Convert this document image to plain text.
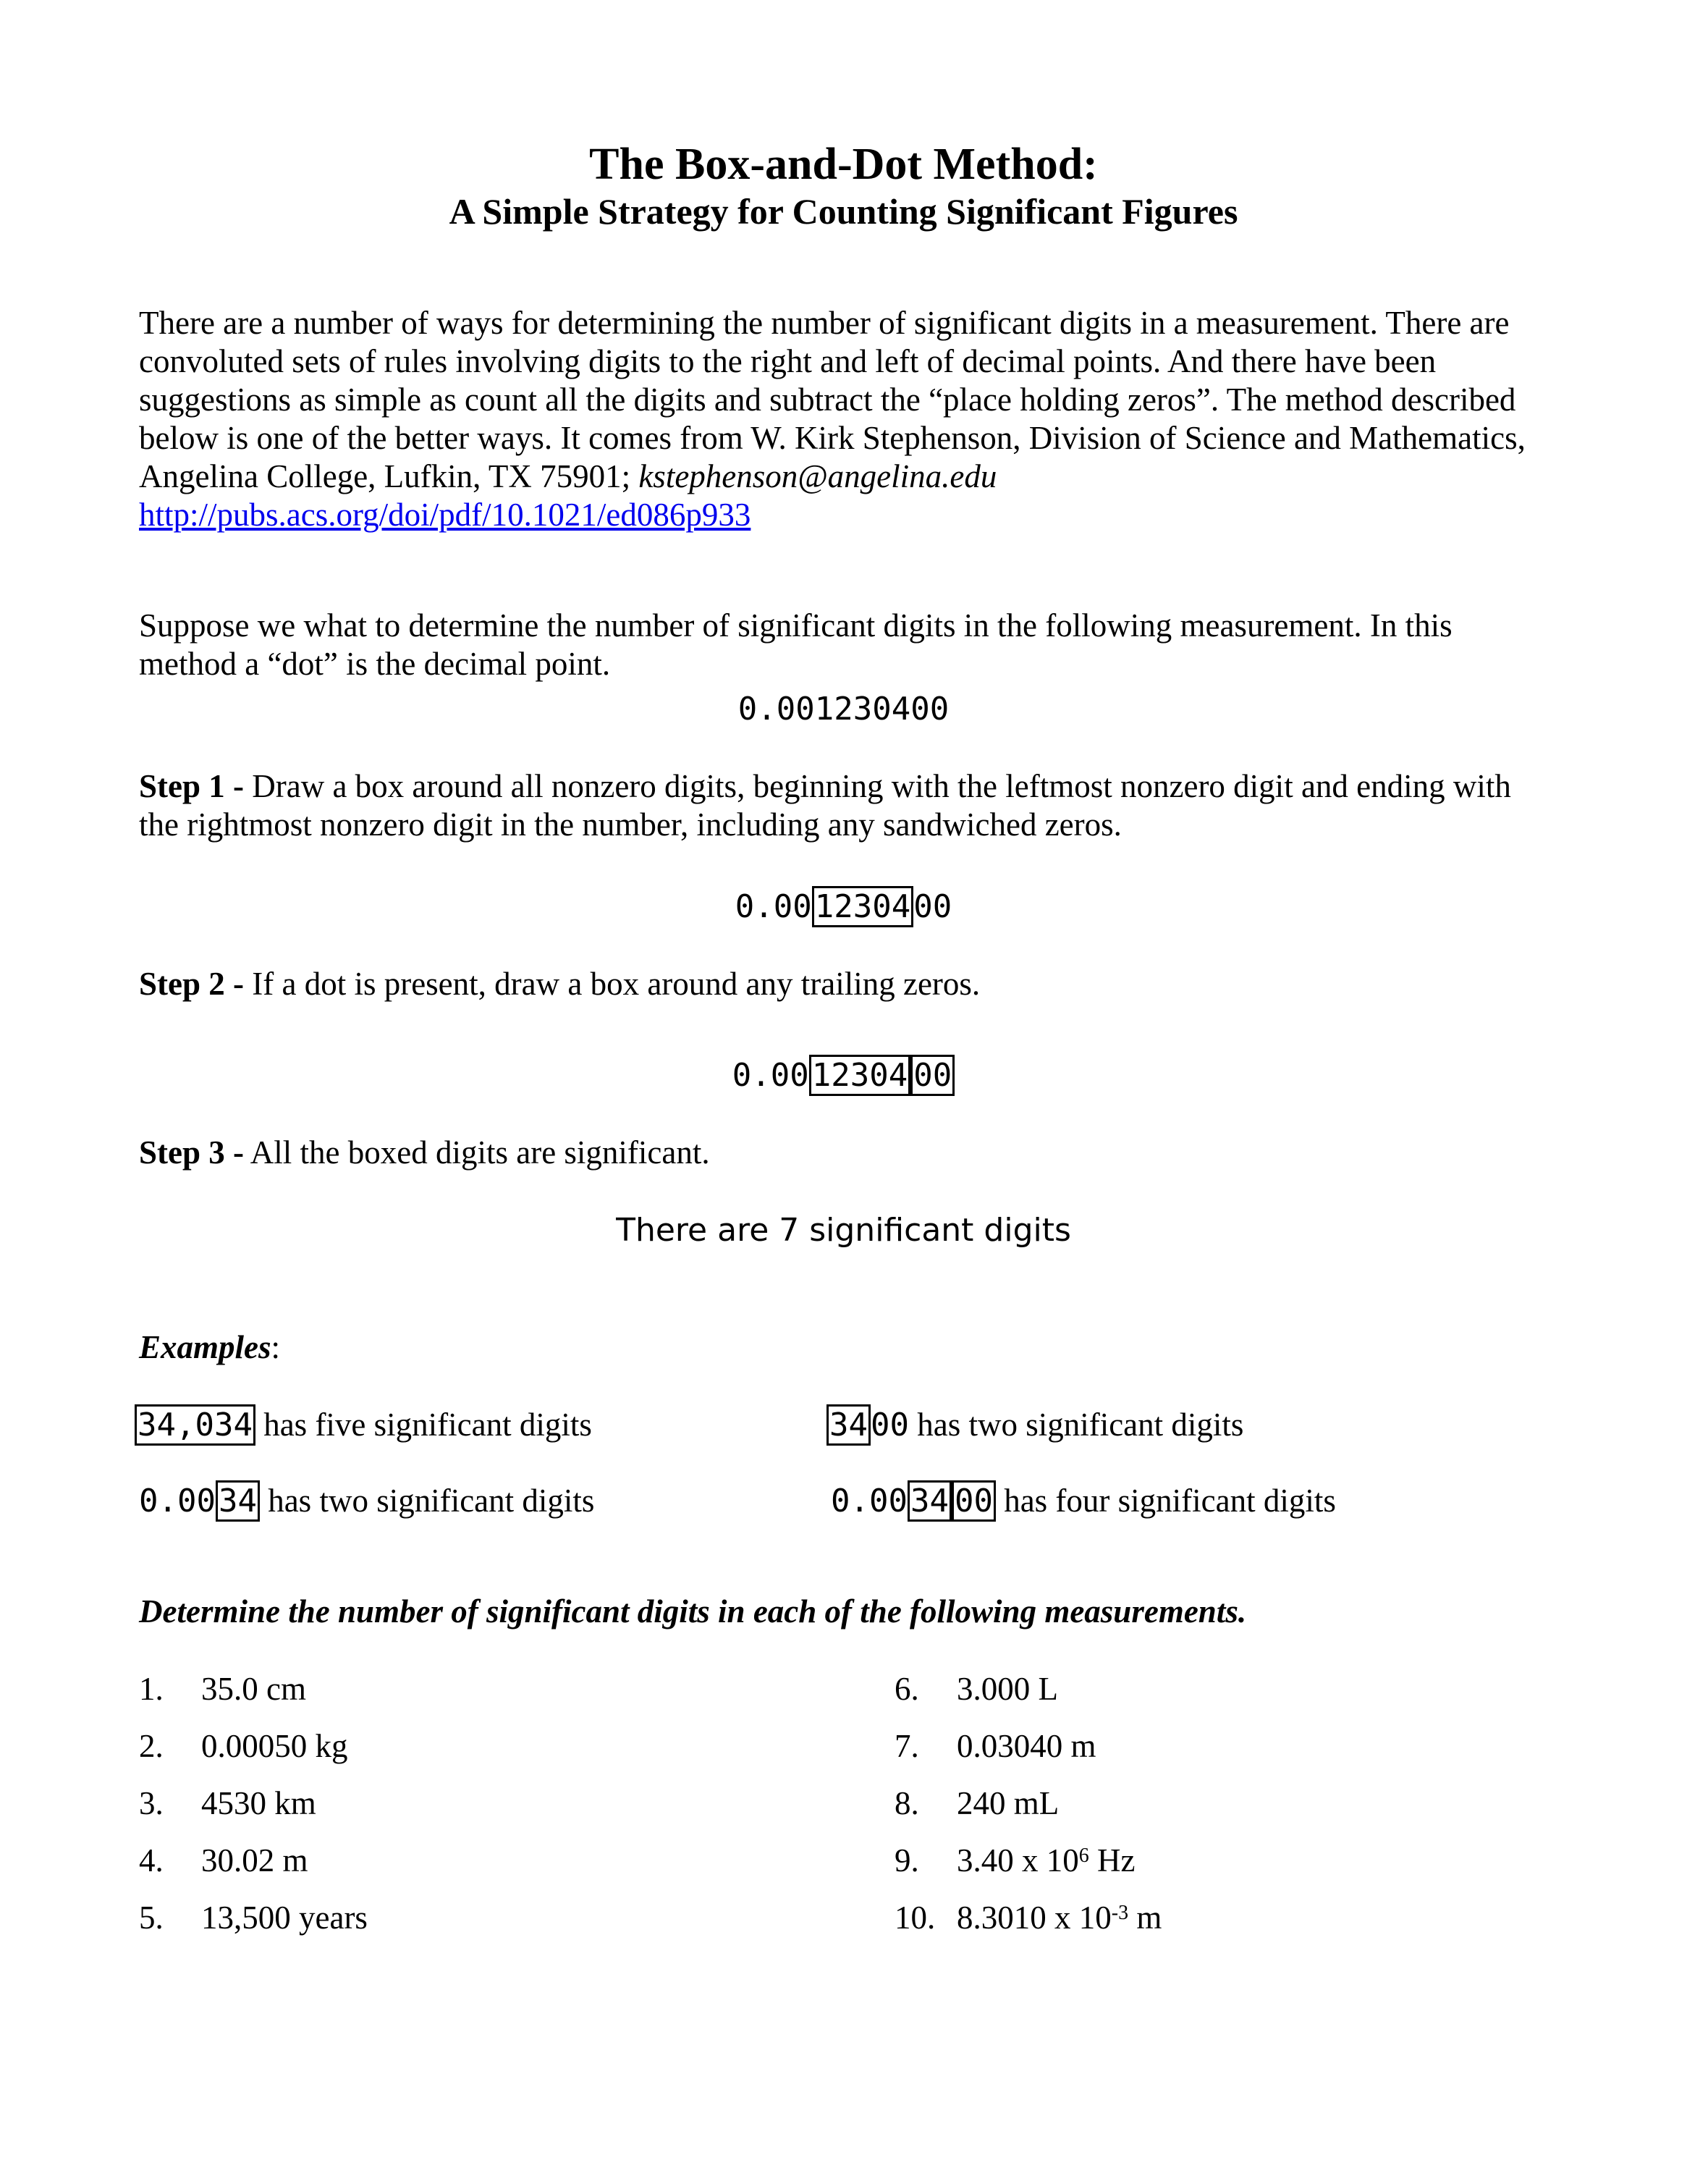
The Box-and-Dot Method:
A Simple Strategy for Counting Significant Figures

There are a number of ways for determining the number of significant digits in a measurement. There are convoluted sets of rules involving digits to the right and left of decimal points. And there have been suggestions as simple as count all the digits and subtract the “place holding zeros”. The method described below is one of the better ways. It comes from W. Kirk Stephenson, Division of Science and Mathematics, Angelina College, Lufkin, TX 75901; kstephenson@angelina.edu

http://pubs.acs.org/doi/pdf/10.1021/ed086p933

Suppose we what to determine the number of significant digits in the following measurement. In this method a “dot” is the decimal point.
0.001230400
Step 1 - Draw a box around all nonzero digits, beginning with the leftmost nonzero digit and ending with the rightmost nonzero digit in the number, including any sandwiched zeros.
0.001230400
Step 2 - If a dot is present, draw a box around any trailing zeros.
0.0012304 00
Step 3 - All the boxed digits are significant.
There are 7 significant digits
Examples:
34,034 has five significant digits	3400 has two significant digits
0.0034 has two significant digits	0.0034 00 has four significant digits
Determine the number of significant digits in each of the following measurements.
1. 35.0 cm
2. 0.00050 kg
3. 4530 km
4. 30.02 m
5. 13,500 years
6. 3.000 L
7. 0.03040 m
8. 240 mL
9. 3.40 x $10^6$ Hz
10. 8.3010 x $10^{-3}$ m
